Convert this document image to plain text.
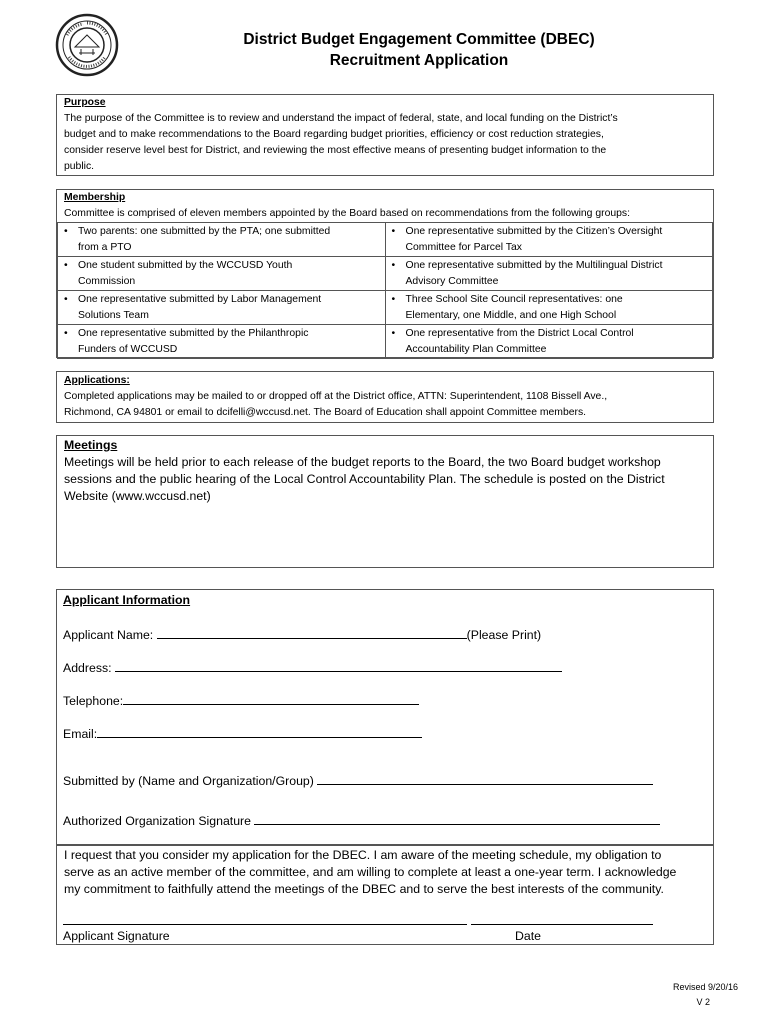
District Budget Engagement Committee (DBEC)
Recruitment Application
Purpose
The purpose of the Committee is to review and understand the impact of federal, state, and local funding on the District’s
budget and to make recommendations to the Board regarding budget priorities, efficiency or cost reduction strategies,
consider reserve level best for District, and reviewing the most effective means of presenting budget information to the
public.
Membership
Committee is comprised of eleven members appointed by the Board based on recommendations from the following groups:
• Two parents: one submitted by the PTA; one submitted
from a PTO	• One representative submitted by the Citizen’s Oversight
Committee for Parcel Tax

• One student submitted by the WCCUSD Youth
Commission	• One representative submitted by the Multilingual District
Advisory Committee

• One representative submitted by Labor Management
Solutions Team	• Three School Site Council representatives: one
Elementary, one Middle, and one High School

• One representative submitted by the Philanthropic
Funders of WCCUSD	• One representative from the District Local Control
Accountability Plan Committee
Applications:
Completed applications may be mailed to or dropped off at the District office, ATTN: Superintendent, 1108 Bissell Ave.,
Richmond, CA 94801 or email to dcifelli@wccusd.net. The Board of Education shall appoint Committee members.
Meetings
Meetings will be held prior to each release of the budget reports to the Board, the two Board budget workshop
sessions and the public hearing of the Local Control Accountability Plan. The schedule is posted on the District
Website (www.wccusd.net)
Applicant Information
Applicant Name:	(Please Print)
Address:
Telephone:
Email:
Submitted by (Name and Organization/Group)
Authorized Organization Signature
I request that you consider my application for the DBEC. I am aware of the meeting schedule, my obligation to
serve as an active member of the committee, and am willing to complete at least a one-year term. I acknowledge
my commitment to faithfully attend the meetings of the DBEC and to serve the best interests of the community.
Applicant Signature	Date
Revised 9/20/16
V 2
